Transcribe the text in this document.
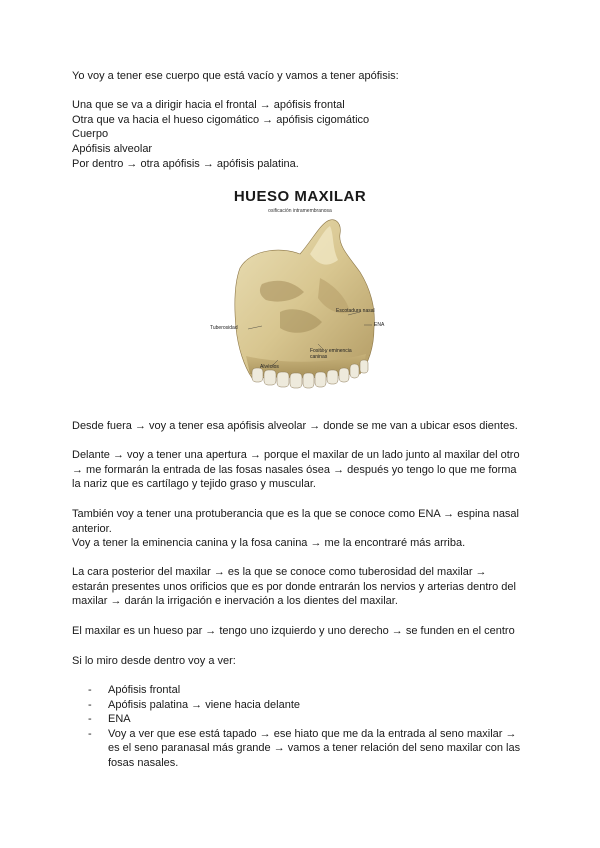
Yo voy a tener ese cuerpo que está vacío y vamos a tener apófisis:

Una que se va a dirigir hacia el frontal → apófisis frontal

Otra que va hacia el hueso cigomático → apófisis cigomático

Cuerpo

Apófisis alveolar

Por dentro → otra apófisis → apófisis palatina.

HUESO MAXILAR
osificación intramembranosa
Tuberosidad
Escotadura nasal
ENA
Fosita y eminencia
caninas
Alvéolos

Desde fuera → voy a tener esa apófisis alveolar → donde se me van a ubicar esos dientes.

Delante → voy a tener una apertura → porque el maxilar de un lado junto al maxilar del otro

→ me formarán la entrada de las fosas nasales ósea → después yo tengo lo que me forma

la nariz que es cartílago y tejido graso y muscular.

También voy a tener una protuberancia que es la que se conoce como ENA → espina nasal

anterior.

Voy a tener la eminencia canina y la fosa canina → me la encontraré más arriba.

La cara posterior del maxilar → es la que se conoce como tuberosidad del maxilar →

estarán presentes unos orificios que es por donde entrarán los nervios y arterias dentro del

maxilar → darán la irrigación e inervación a los dientes del maxilar.

El maxilar es un hueso par → tengo uno izquierdo y uno derecho → se funden en el centro

Si lo miro desde dentro voy a ver:

- Apófisis frontal
- Apófisis palatina → viene hacia delante
- ENA
- Voy a ver que ese está tapado → ese hiato que me da la entrada al seno maxilar →
es el seno paranasal más grande → vamos a tener relación del seno maxilar con las
fosas nasales.
